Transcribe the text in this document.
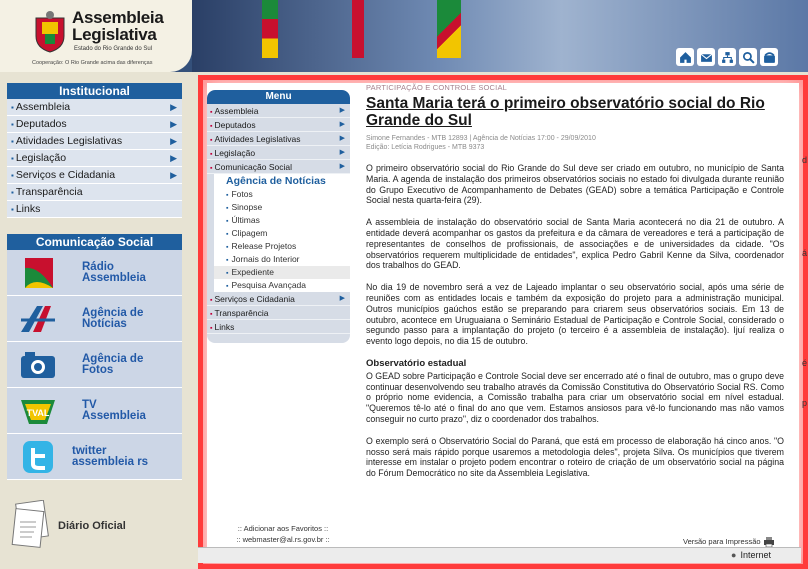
Assembleia
Legislativa
Estado do Rio Grande do Sul
Cooperação: O Rio Grande acima das diferenças
Institucional
▪ Assembleia	▶
▪ Deputados	▶
▪ Atividades Legislativas	▶
▪ Legislação	▶
▪ Serviços e Cidadania	▶
▪ Transparência
▪ Links
Comunicação Social
Rádio
Assembleia
Agência de
Notícias
Agência de
Fotos
TVAL
TV
Assembleia
twitter
assembleia rs
Diário Oficial
Menu
▪ Assembleia	▶
▪ Deputados	▶
▪ Atividades Legislativas	▶
▪ Legislação	▶
▪ Comunicação Social	▶
Agência de Notícias
▪ Fotos
▪ Sinopse
▪ Últimas
▪ Clipagem
▪ Release Projetos
▪ Jornais do Interior
▪ Expediente
▪ Pesquisa Avançada
▪ Serviços e Cidadania	▶
▪ Transparência
▪ Links
:: Adicionar aos Favoritos ::
:: webmaster@al.rs.gov.br ::
PARTICIPAÇÃO E CONTROLE SOCIAL
Santa Maria terá o primeiro observatório social do Rio Grande do Sul
Simone Fernandes - MTB 12893 | Agência de Notícias 17:00 - 29/09/2010
Edição: Letícia Rodrigues - MTB 9373

O primeiro observatório social do Rio Grande do Sul deve ser criado em outubro, no município de Santa Maria. A agenda de instalação dos primeiros observatórios sociais no estado foi divulgada durante reunião do Grupo Executivo de Acompanhamento de Debates (GEAD) sobre a temática Participação e Controle Social nesta quarta-feira (29).

A assembleia de instalação do observatório social de Santa Maria acontecerá no dia 21 de outubro. A entidade deverá acompanhar os gastos da prefeitura e da câmara de vereadores e terá a participação de representantes de conselhos de profissionais, de associações e de universidades da cidade. "Os observatórios requerem multiplicidade de entidades", explica Pedro Gabril Kenne da Silva, coordenador dos trabalhos do GEAD.

No dia 19 de novembro será a vez de Lajeado implantar o seu observatório social, após uma série de reuniões com as entidades locais e também da exposição do projeto para a administração municipal. Outros municípios gaúchos estão se preparando para criarem seus observatórios sociais. Em 13 de outubro, acontece em Uruguaiana o Seminário Estadual de Participação e Controle Social, considerado o segundo passo para a implantação do projeto (o terceiro é a assembleia de instalação). Ijuí realiza o evento logo depois, no dia 15 de outubro.

Observatório estadual

O GEAD sobre Participação e Controle Social deve ser encerrado até o final de outubro, mas o grupo deve continuar desenvolvendo seu trabalho através da Comissão Constitutiva do Observatório Social RS. Como o próprio nome evidencia, a Comissão trabalha para criar um observatório social em nível estadual. "Queremos tê-lo até o final do ano que vem. Estamos ansiosos para vê-lo funcionando mas não vamos conseguir no curto prazo", diz o coordenador dos trabalhos.

O exemplo será o Observatório Social do Paraná, que está em processo de elaboração há cinco anos. "O nosso será mais rápido porque usaremos a metodologia deles", projeta Silva. Os municípios que tiverem interesse em instalar o projeto podem encontrar o roteiro de criação de um observatório social na página do Fórum Democrático no site da Assembleia Legislativa.

Versão para Impressão
● Internet
d
á
é
p
